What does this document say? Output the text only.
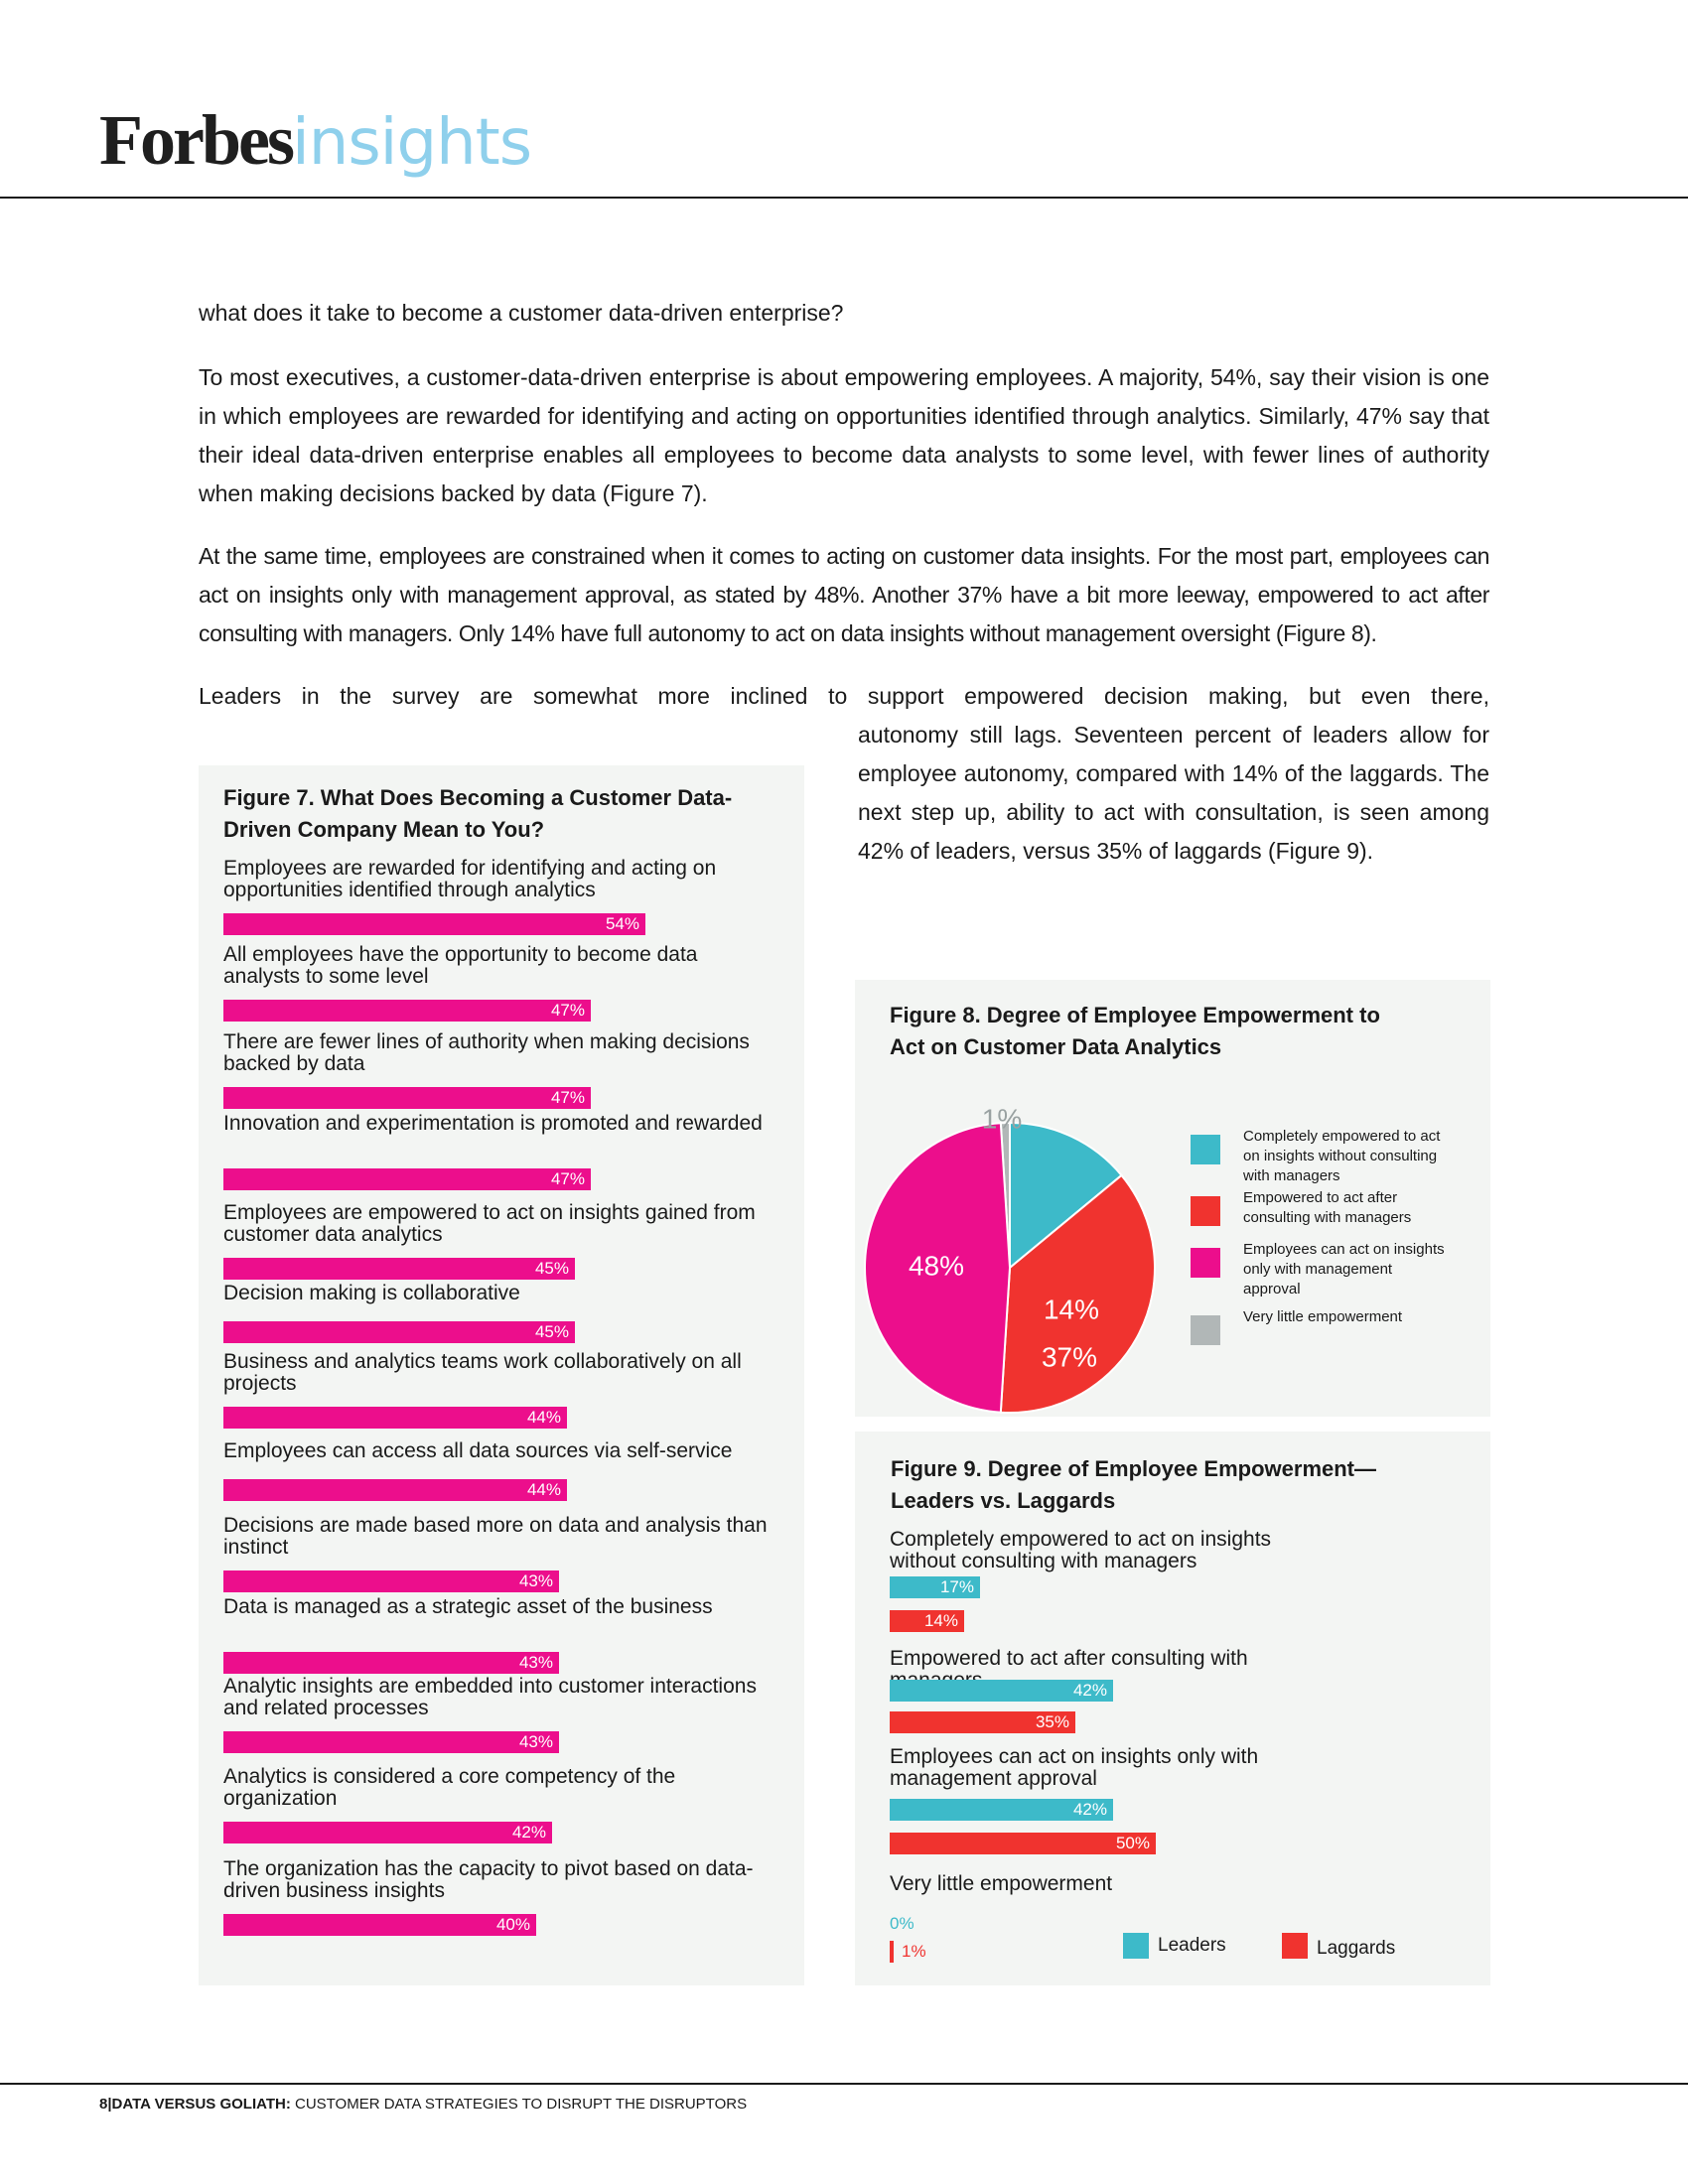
Forbesinsights
what does it take to become a customer data-driven enterprise?
To most executives, a customer-data-driven enterprise is about empowering employees. A majority, 54%, say their vision is one in which employees are rewarded for identifying and acting on opportunities identified through analytics. Similarly, 47% say that their ideal data-driven enterprise enables all employees to become data analysts to some level, with fewer lines of authority when making decisions backed by data (Figure 7).
At the same time, employees are constrained when it comes to acting on customer data insights. For the most part, employees can act on insights only with management approval, as stated by 48%. Another 37% have a bit more leeway, empowered to act after consulting with managers. Only 14% have full autonomy to act on data insights without management oversight (Figure 8).
Leaders in the survey are somewhat more inclined to support empowered decision making, but even there,
autonomy still lags. Seventeen percent of leaders allow for employee autonomy, compared with 14% of the laggards. The next step up, ability to act with consultation, is seen among 42% of leaders, versus 35% of laggards (Figure 9).
Figure 7. What Does Becoming a Customer Data-Driven Company Mean to You?
Employees are rewarded for identifying and acting on opportunities identified through analytics
54%
All employees have the opportunity to become data analysts to some level
47%
There are fewer lines of authority when making decisions backed by data
47%
Innovation and experimentation is promoted and rewarded
47%
Employees are empowered to act on insights gained from customer data analytics
45%
Decision making is collaborative
45%
Business and analytics teams work collaboratively on all projects
44%
Employees can access all data sources via self-service
44%
Decisions are made based more on data and analysis than instinct
43%
Data is managed as a strategic asset of the business
43%
Analytic insights are embedded into customer interactions and related processes
43%
Analytics is considered a core competency of the organization
42%
The organization has the capacity to pivot based on data-driven business insights
40%
Figure 8. Degree of Employee Empowerment to Act on Customer Data Analytics
14%
37%
48%
1%
Completely empowered to act on insights without consulting with managers
Empowered to act after consulting with managers
Employees can act on insights only with management approval
Very little empowerment
Figure 9. Degree of Employee Empowerment—Leaders vs. Laggards
Completely empowered to act on insights without consulting with managers
17%
14%
Empowered to act after consulting with
42%
35%
Employees can act on insights only with management approval
42%
50%
Very little empowerment
0%
1%	Leaders	Laggards
8|DATA VERSUS GOLIATH: CUSTOMER DATA STRATEGIES TO DISRUPT THE DISRUPTORS
